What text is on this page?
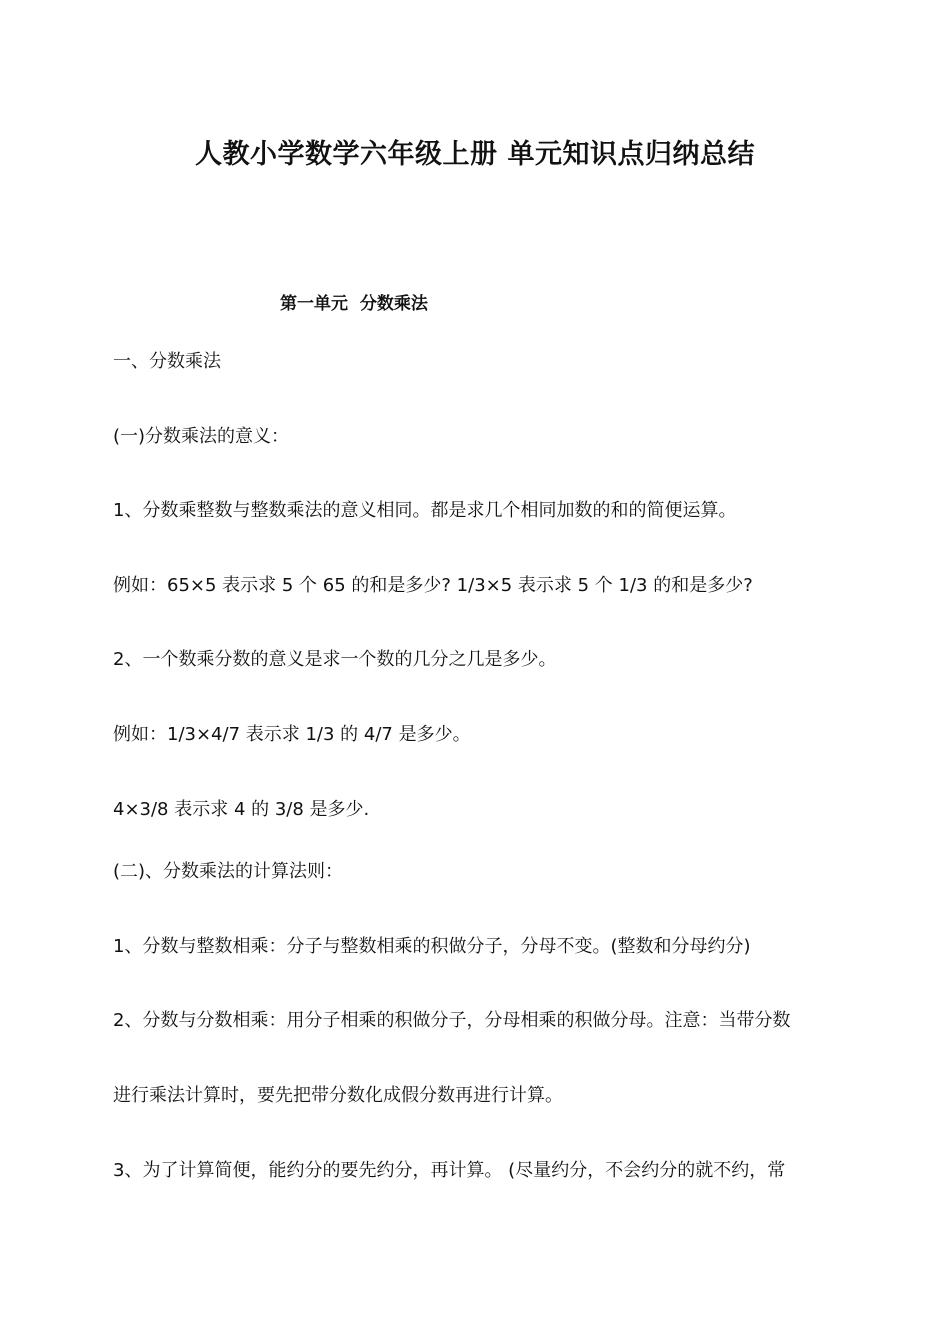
人教小学数学六年级上册 单元知识点归纳总结
第一单元  分数乘法

一、分数乘法

(一)分数乘法的意义：

1、分数乘整数与整数乘法的意义相同。都是求几个相同加数的和的简便运算。

例如：65×5 表示求 5 个 65 的和是多少? 1/3×5 表示求 5 个 1/3 的和是多少?

2、一个数乘分数的意义是求一个数的几分之几是多少。

例如：1/3×4/7 表示求 1/3 的 4/7 是多少。

4×3/8 表示求 4 的 3/8 是多少.

(二)、分数乘法的计算法则：

1、分数与整数相乘：分子与整数相乘的积做分子，分母不变。(整数和分母约分)

2、分数与分数相乘：用分子相乘的积做分子，分母相乘的积做分母。注意：当带分数

进行乘法计算时，要先把带分数化成假分数再进行计算。

3、为了计算简便，能约分的要先约分，再计算。 (尽量约分，不会约分的就不约，常
